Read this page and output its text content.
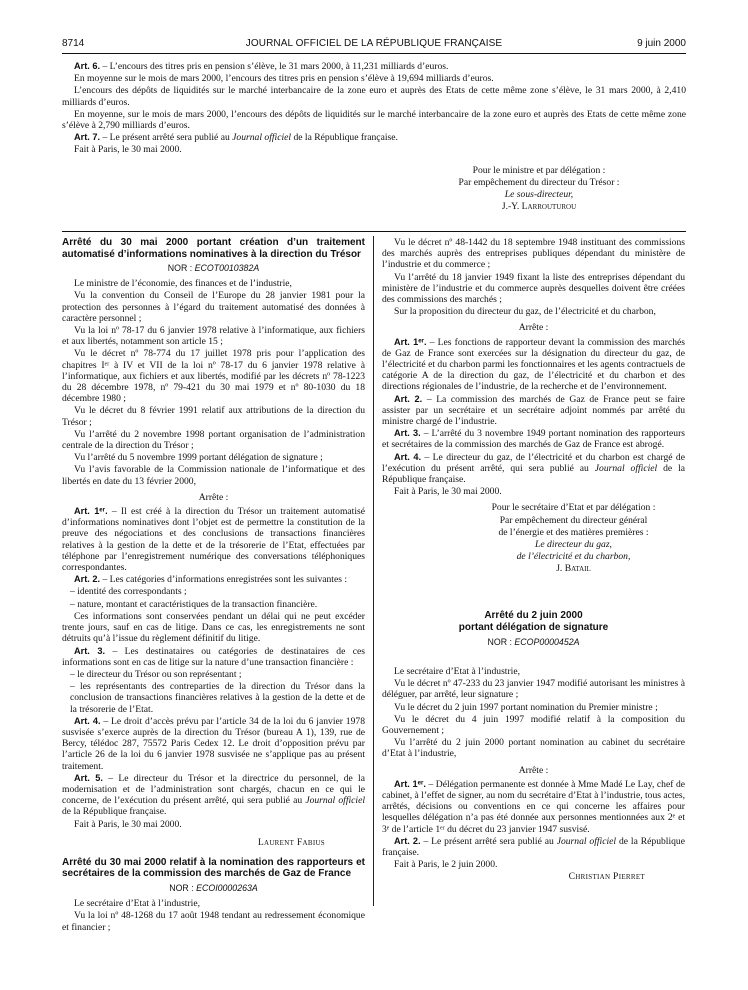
8714	JOURNAL OFFICIEL DE LA RÉPUBLIQUE FRANÇAISE	9 juin 2000

Art. 6. – L’encours des titres pris en pension s’élève, le 31 mars 2000, à 11,231 milliards d’euros.

En moyenne sur le mois de mars 2000, l’encours des titres pris en pension s’élève à 19,694 milliards d’euros.

L’encours des dépôts de liquidités sur le marché interbancaire de la zone euro et auprès des Etats de cette même zone s’élève, le 31 mars 2000, à 2,410 milliards d’euros.

En moyenne, sur le mois de mars 2000, l’encours des dépôts de liquidités sur le marché interbancaire de la zone euro et auprès des Etats de cette même zone s’élève à 2,790 milliards d’euros.

Art. 7. – Le présent arrêté sera publié au Journal officiel de la République française.

Fait à Paris, le 30 mai 2000.

Pour le ministre et par délégation :

Par empêchement du directeur du Trésor :

Le sous-directeur,

J.-Y. Larrouturou

Arrêté du 30 mai 2000 portant création d’un traitement automatisé d’informations nominatives à la direction du Trésor

NOR : ECOT0010382A

Le ministre de l’économie, des finances et de l’industrie,

Vu la convention du Conseil de l’Europe du 28 janvier 1981 pour la protection des personnes à l’égard du traitement automatisé des données à caractère personnel ;

Vu la loi nº 78-17 du 6 janvier 1978 relative à l’informatique, aux fichiers et aux libertés, notamment son article 15 ;

Vu le décret nº 78-774 du 17 juillet 1978 pris pour l’application des chapitres Iᵉʳ à IV et VII de la loi nº 78-17 du 6 janvier 1978 relative à l’informatique, aux fichiers et aux libertés, modifié par les décrets nº 78-1223 du 28 décembre 1978, nº 79-421 du 30 mai 1979 et nº 80-1030 du 18 décembre 1980 ;

Vu le décret du 8 février 1991 relatif aux attributions de la direction du Trésor ;

Vu l’arrêté du 2 novembre 1998 portant organisation de l’administration centrale de la direction du Trésor ;

Vu l’arrêté du 5 novembre 1999 portant délégation de signature ;

Vu l’avis favorable de la Commission nationale de l’informatique et des libertés en date du 13 février 2000,

Arrête :

Art. 1ᵉʳ. – Il est créé à la direction du Trésor un traitement automatisé d’informations nominatives dont l’objet est de permettre la constitution de la preuve des négociations et des conclusions de transactions financières relatives à la gestion de la dette et de la trésorerie de l’Etat, effectuées par téléphone par l’enregistrement numérique des conversations téléphoniques correspondantes.

Art. 2. – Les catégories d’informations enregistrées sont les suivantes :

– identité des correspondants ;

– nature, montant et caractéristiques de la transaction financière.

Ces informations sont conservées pendant un délai qui ne peut excéder trente jours, sauf en cas de litige. Dans ce cas, les enregistrements ne sont détruits qu’à l’issue du règlement définitif du litige.

Art. 3. – Les destinataires ou catégories de destinataires de ces informations sont en cas de litige sur la nature d’une transaction financière :

– le directeur du Trésor ou son représentant ;

– les représentants des contreparties de la direction du Trésor dans la conclusion de transactions financières relatives à la gestion de la dette et de la trésorerie de l’Etat.

Art. 4. – Le droit d’accès prévu par l’article 34 de la loi du 6 janvier 1978 susvisée s’exerce auprès de la direction du Trésor (bureau A 1), 139, rue de Bercy, télédoc 287, 75572 Paris Cedex 12. Le droit d’opposition prévu par l’article 26 de la loi du 6 janvier 1978 susvisée ne s’applique pas au présent traitement.

Art. 5. – Le directeur du Trésor et la directrice du personnel, de la modernisation et de l’administration sont chargés, chacun en ce qui le concerne, de l’exécution du présent arrêté, qui sera publié au Journal officiel de la République française.

Fait à Paris, le 30 mai 2000.

Laurent Fabius

Arrêté du 30 mai 2000 relatif à la nomination des rapporteurs et secrétaires de la commission des marchés de Gaz de France

NOR : ECOI0000263A

Le secrétaire d’Etat à l’industrie,

Vu la loi nº 48-1268 du 17 août 1948 tendant au redressement économique et financier ;

Vu le décret nº 48-1442 du 18 septembre 1948 instituant des commissions des marchés auprès des entreprises publiques dépendant du ministère de l’industrie et du commerce ;

Vu l’arrêté du 18 janvier 1949 fixant la liste des entreprises dépendant du ministère de l’industrie et du commerce auprès desquelles doivent être créées des commissions des marchés ;

Sur la proposition du directeur du gaz, de l’électricité et du charbon,

Arrête :

Art. 1ᵉʳ. – Les fonctions de rapporteur devant la commission des marchés de Gaz de France sont exercées sur la désignation du directeur du gaz, de l’électricité et du charbon parmi les fonctionnaires et les agents contractuels de catégorie A de la direction du gaz, de l’électricité et du charbon et des directions régionales de l’industrie, de la recherche et de l’environnement.

Art. 2. – La commission des marchés de Gaz de France peut se faire assister par un secrétaire et un secrétaire adjoint nommés par arrêté du ministre chargé de l’industrie.

Art. 3. – L’arrêté du 3 novembre 1949 portant nomination des rapporteurs et secrétaires de la commission des marchés de Gaz de France est abrogé.

Art. 4. – Le directeur du gaz, de l’électricité et du charbon est chargé de l’exécution du présent arrêté, qui sera publié au Journal officiel de la République française.

Fait à Paris, le 30 mai 2000.

Pour le secrétaire d’Etat et par délégation :

Par empêchement du directeur général

de l’énergie et des matières premières :

Le directeur du gaz,

de l’électricité et du charbon,

J. Batail

Arrêté du 2 juin 2000

portant délégation de signature

NOR : ECOP0000452A

Le secrétaire d’Etat à l’industrie,

Vu le décret nº 47-233 du 23 janvier 1947 modifié autorisant les ministres à déléguer, par arrêté, leur signature ;

Vu le décret du 2 juin 1997 portant nomination du Premier ministre ;

Vu le décret du 4 juin 1997 modifié relatif à la composition du Gouvernement ;

Vu l’arrêté du 2 juin 2000 portant nomination au cabinet du secrétaire d’Etat à l’industrie,

Arrête :

Art. 1ᵉʳ. – Délégation permanente est donnée à Mme Madé Le Lay, chef de cabinet, à l’effet de signer, au nom du secrétaire d’Etat à l’industrie, tous actes, arrêtés, décisions ou conventions en ce qui concerne les affaires pour lesquelles délégation n’a pas été donnée aux personnes mentionnées aux 2ᵉ et 3ᵉ de l’article 1ᵉʳ du décret du 23 janvier 1947 susvisé.

Art. 2. – Le présent arrêté sera publié au Journal officiel de la République française.

Fait à Paris, le 2 juin 2000.

Christian Pierret
